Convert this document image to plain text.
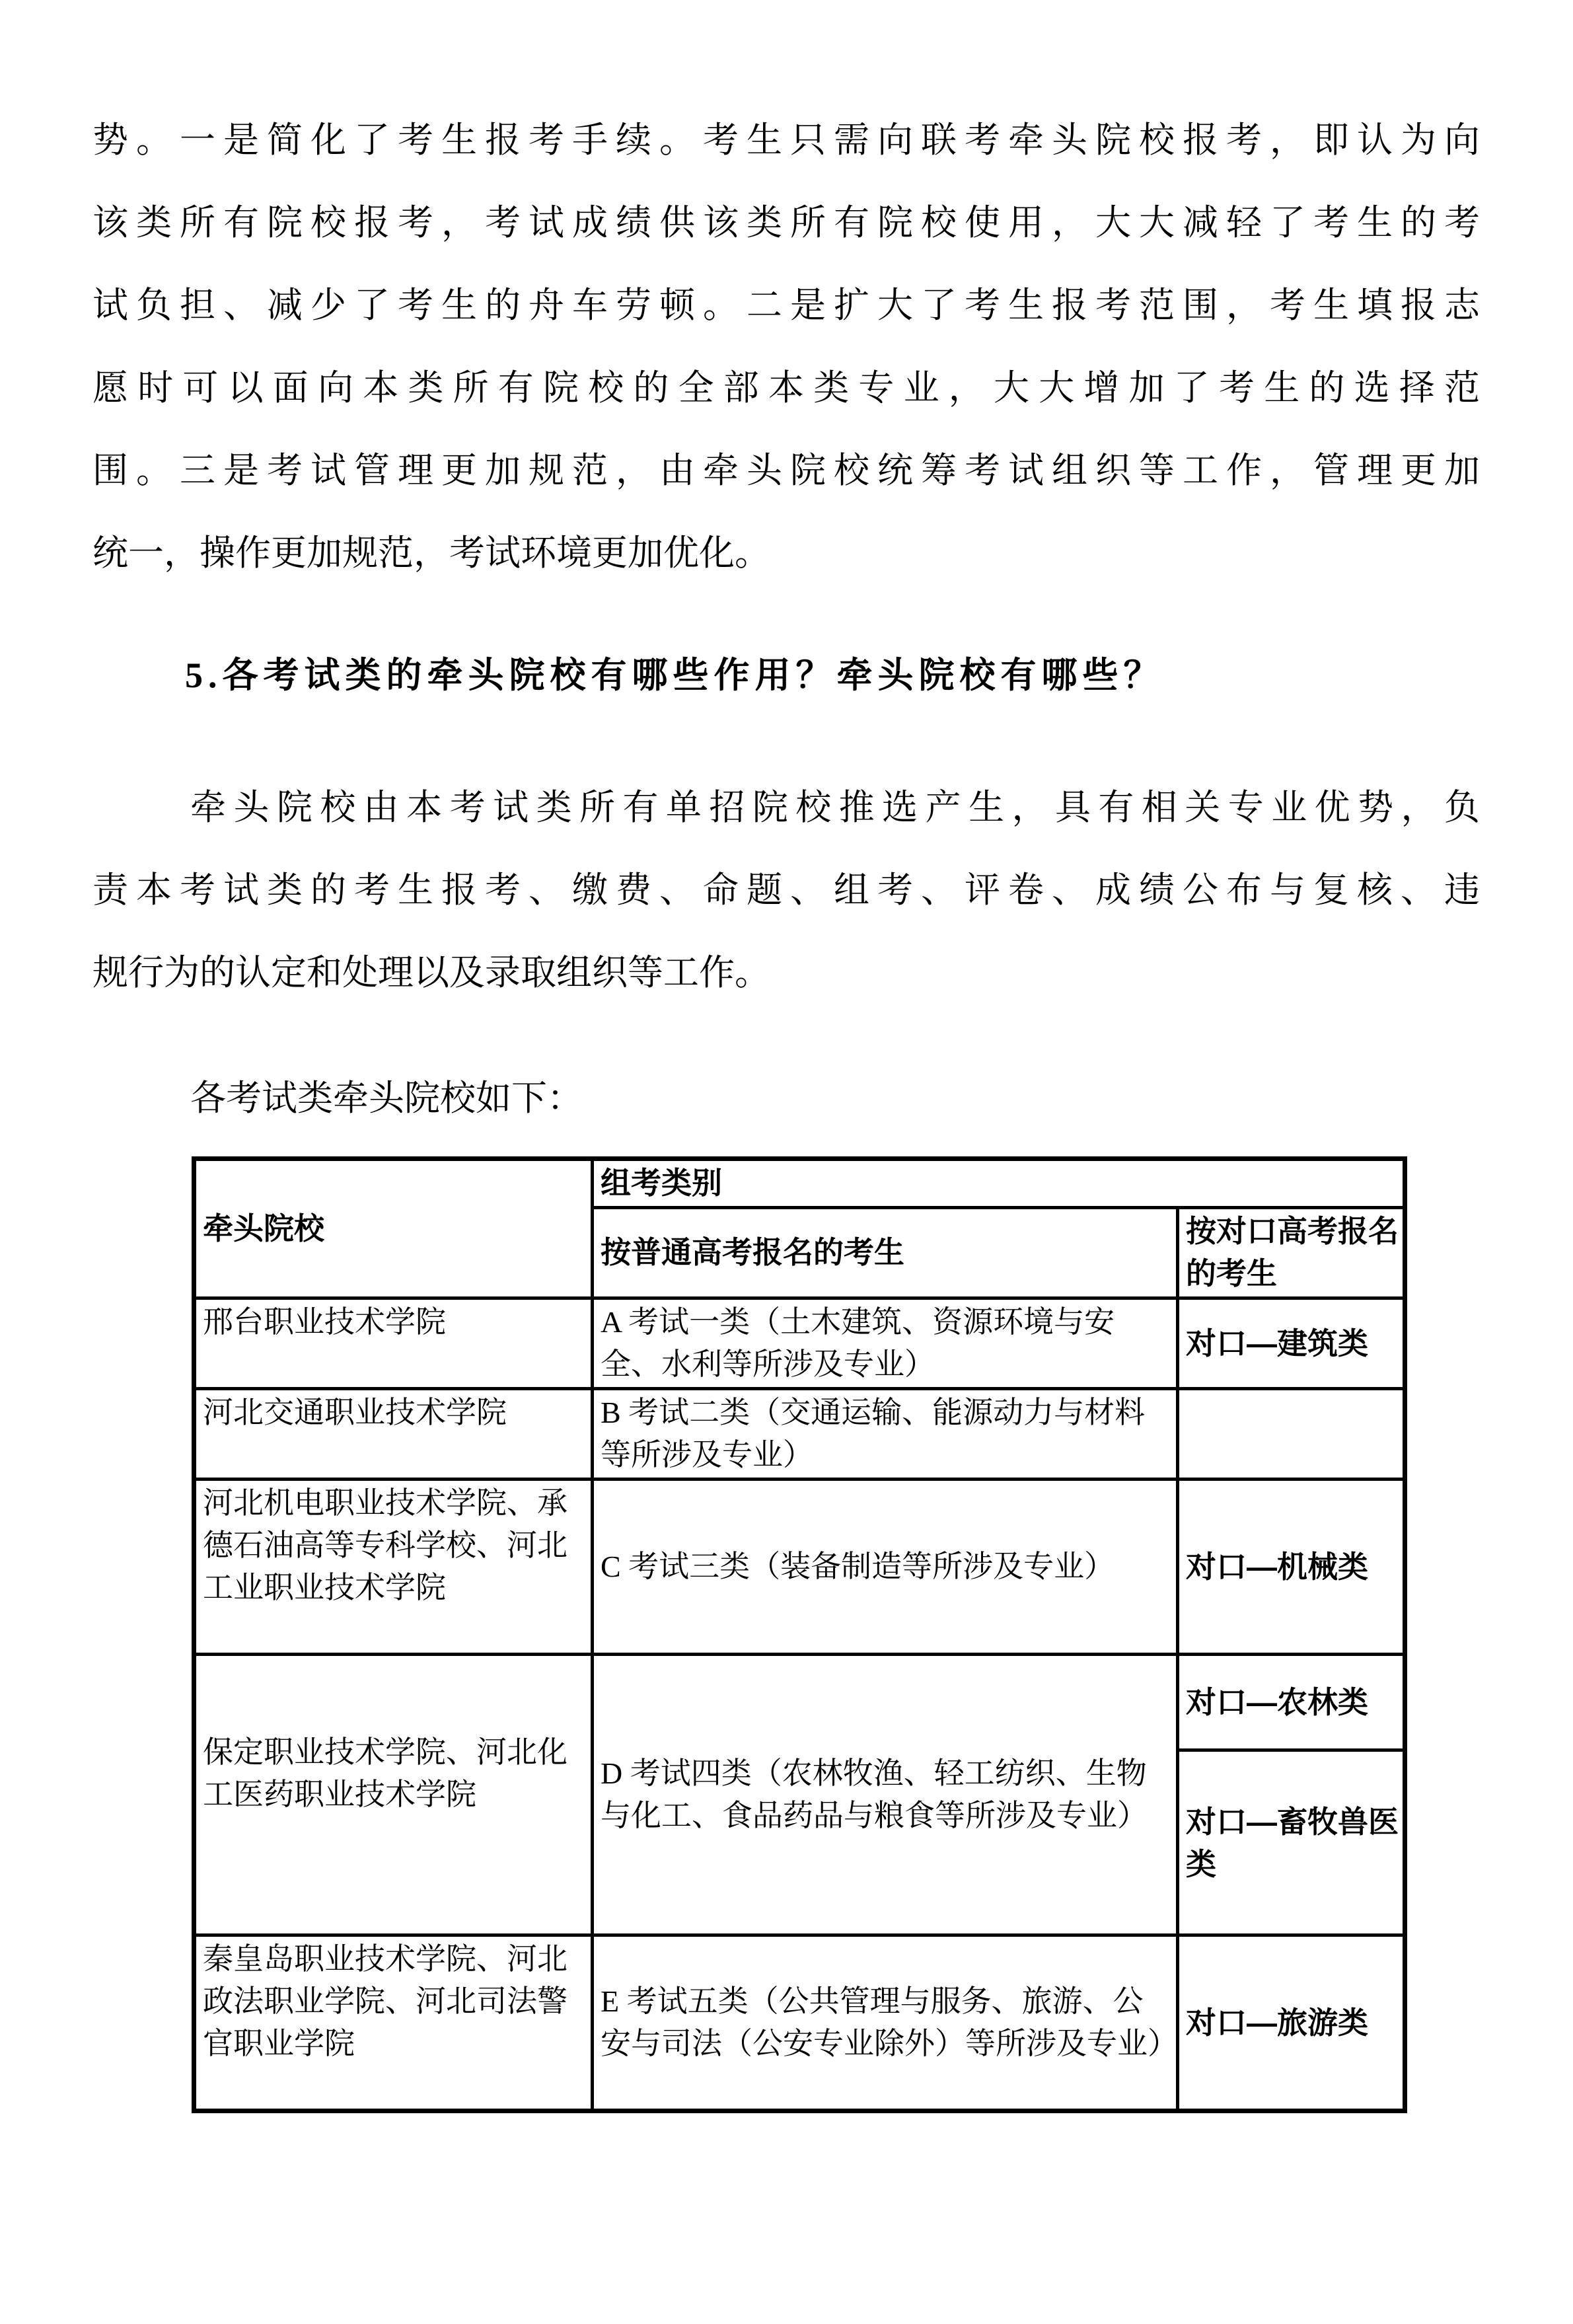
势。一是简化了考生报考手续。考生只需向联考牵头院校报考，即认为向
该类所有院校报考，考试成绩供该类所有院校使用，大大减轻了考生的考
试负担、减少了考生的舟车劳顿。二是扩大了考生报考范围，考生填报志
愿时可以面向本类所有院校的全部本类专业，大大增加了考生的选择范
围。三是考试管理更加规范，由牵头院校统筹考试组织等工作，管理更加
统一，操作更加规范，考试环境更加优化。
5.各考试类的牵头院校有哪些作用？牵头院校有哪些？
牵头院校由本考试类所有单招院校推选产生，具有相关专业优势，负
责本考试类的考生报考、缴费、命题、组考、评卷、成绩公布与复核、违
规行为的认定和处理以及录取组织等工作。
各考试类牵头院校如下：
牵头院校	组考类别	
	按普通高考报名的考生	按对口高考报名的考生
邢台职业技术学院	A 考试一类（土木建筑、资源环境与安全、水利等所涉及专业）	对口—建筑类
河北交通职业技术学院	B 考试二类（交通运输、能源动力与材料等所涉及专业）	
河北机电职业技术学院、承德石油高等专科学校、河北工业职业技术学院	C 考试三类（装备制造等所涉及专业）	对口—机械类
保定职业技术学院、河北化工医药职业技术学院	D 考试四类（农林牧渔、轻工纺织、生物与化工、食品药品与粮食等所涉及专业）	对口—农林类
		对口—畜牧兽医类
秦皇岛职业技术学院、河北政法职业学院、河北司法警官职业学院	E 考试五类（公共管理与服务、旅游、公安与司法（公安专业除外）等所涉及专业）	对口—旅游类
